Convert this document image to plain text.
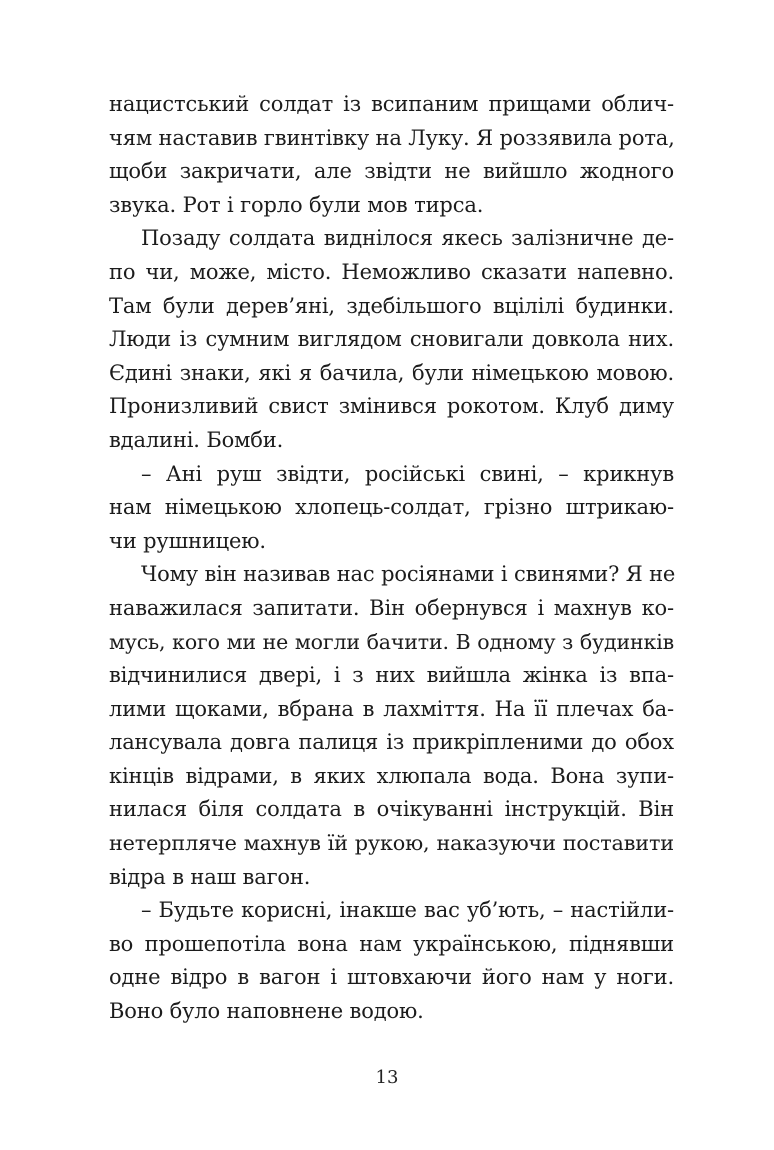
нацистський солдат із всипаним прищами облич-
чям наставив гвинтівку на Луку. Я роззявила рота,
щоби закричати, але звідти не вийшло жодного
звука. Рот і горло були мов тирса.
Позаду солдата виднілося якесь залізничне де-
по чи, може, місто. Неможливо сказати напевно.
Там були дерев’яні, здебільшого вцілілі будинки.
Люди із сумним виглядом сновигали довкола них.
Єдині знаки, які я бачила, були німецькою мовою.
Пронизливий свист змінився рокотом. Клуб диму
вдалині. Бомби.
– Ані руш звідти, російські свині, – крикнув
нам німецькою хлопець-солдат, грізно штрикаю-
чи рушницею.
Чому він називав нас росіянами і свинями? Я не
наважилася запитати. Він обернувся і махнув ко-
мусь, кого ми не могли бачити. В одному з будинків
відчинилися двері, і з них вийшла жінка із впа-
лими щоками, вбрана в лахміття. На її плечах ба-
лансувала довга палиця із прикріпленими до обох
кінців відрами, в яких хлюпала вода. Вона зупи-
нилася біля солдата в очікуванні інструкцій. Він
нетерпляче махнув їй рукою, наказуючи поставити
відра в наш вагон.
– Будьте корисні, інакше вас уб’ють, – настійли-
во прошепотіла вона нам українською, піднявши
одне відро в вагон і штовхаючи його нам у ноги.
Воно було наповнене водою.
13
